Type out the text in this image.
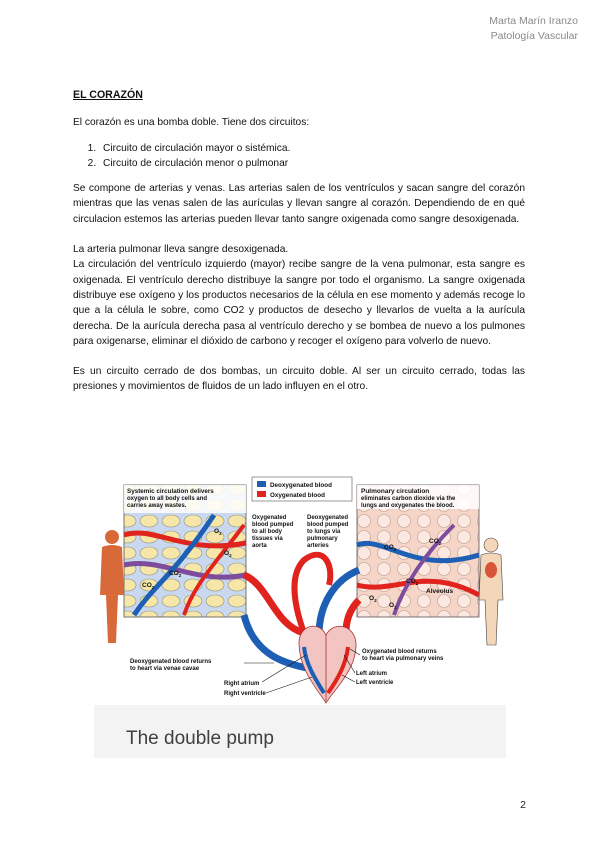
Marta Marín Iranzo
Patología Vascular
EL CORAZÓN

El corazón es una bomba doble. Tiene dos circuitos:

1. Circuito de circulación mayor o sistémica.
2. Circuito de circulación menor o pulmonar

Se compone de arterias y venas. Las arterias salen de los ventrículos y sacan sangre del corazón mientras que las venas salen de las aurículas y llevan sangre al corazón. Dependiendo de en qué circulacion estemos las arterias pueden llevar tanto sangre oxigenada como sangre desoxigenada.

La arteria pulmonar lleva sangre desoxigenada.

La circulación del ventrículo izquierdo (mayor) recibe sangre de la vena pulmonar, esta sangre es oxigenada. El ventrículo derecho distribuye la sangre por todo el organismo. La sangre oxigenada distribuye ese oxígeno y los productos necesarios de la célula en ese momento y además recoge lo que a la célula le sobre, como CO2 y productos de desecho y llevarlos de vuelta a la aurícula derecha. De la aurícula derecha pasa al ventrículo derecho y se bombea de nuevo a los pulmones para oxigenarse, eliminar el dióxido de carbono y recoger el oxígeno para volverlo de nuevo.

Es un circuito cerrado de dos bombas, un circuito doble. Al ser un circuito cerrado, todas las presiones y movimientos de fluidos de un lado influyen en el otro.

Systemic circulation delivers
oxygen to all body cells and
carries away wastes.
$O_2$
$CO_2$
$CO_2$
$O_2$
Deoxygenated blood
Oxygenated blood
Pulmonary circulation
eliminates carbon dioxide via the
lungs and oxygenates the blood.
$CO_2$
$CO_2$
$CO_2$
$O_2$
$O_2$
Alveolus
Oxygenated
blood pumped
to all body
tissues via
aorta
Deoxygenated
blood pumped
to lungs via
pulmonary
arteries
Deoxygenated blood returns
to heart via venae cavae
Oxygenated blood returns
to heart via pulmonary veins
Right atrium
Right ventricle
Left atrium
Left ventricle
The double pump
2
